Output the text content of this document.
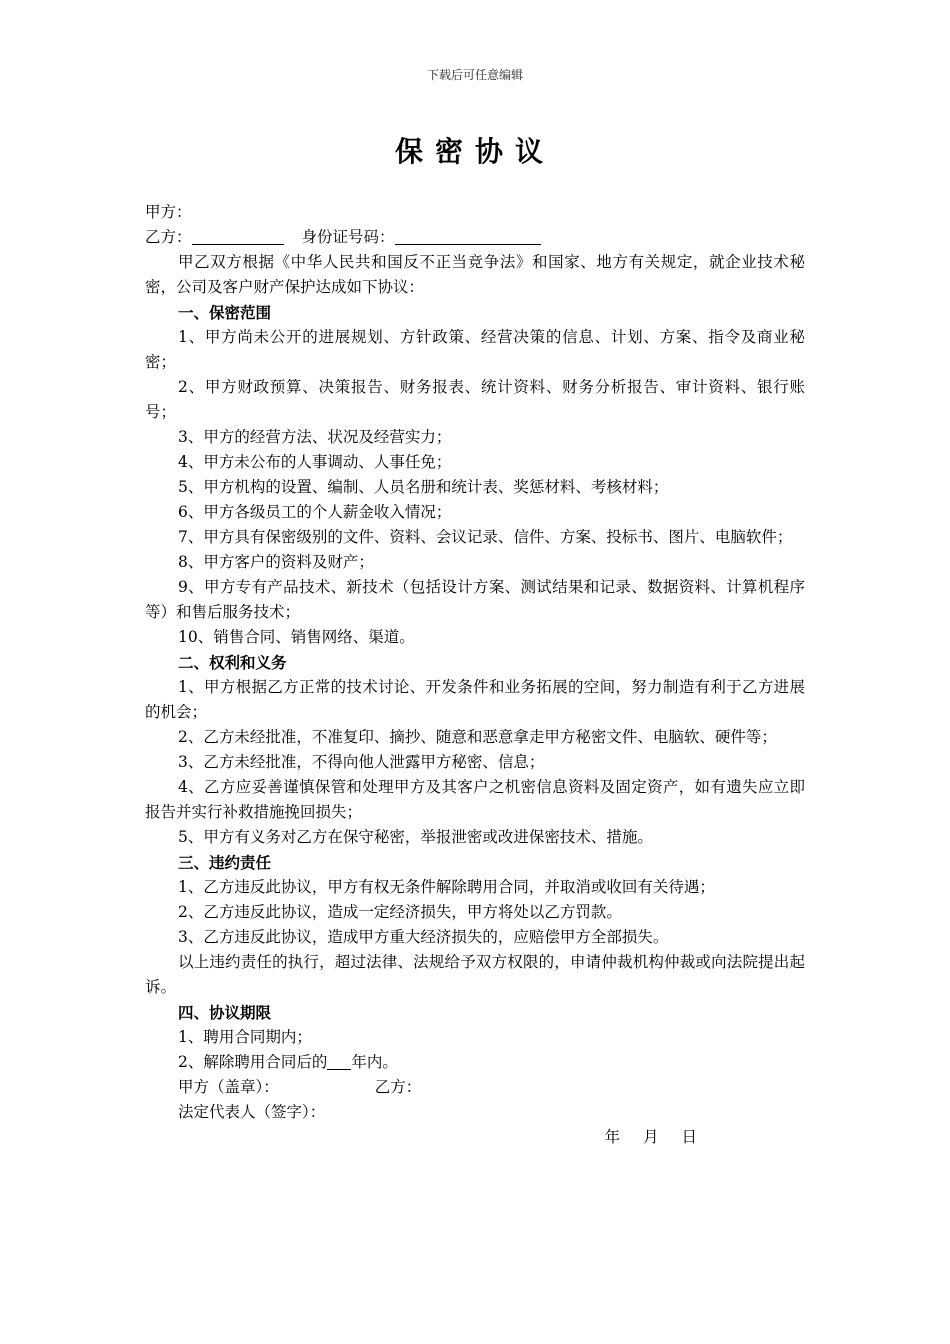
下载后可任意编辑
保密协议
甲方：
乙方：	身份证号码：
甲乙双方根据《中华人民共和国反不正当竞争法》和国家、地方有关规定，就企业技术秘密，公司及客户财产保护达成如下协议：
一、保密范围
1、甲方尚未公开的进展规划、方针政策、经营决策的信息、计划、方案、指令及商业秘密；
2、甲方财政预算、决策报告、财务报表、统计资料、财务分析报告、审计资料、银行账号；
3、甲方的经营方法、状况及经营实力；
4、甲方未公布的人事调动、人事任免；
5、甲方机构的设置、编制、人员名册和统计表、奖惩材料、考核材料；
6、甲方各级员工的个人薪金收入情况；
7、甲方具有保密级别的文件、资料、会议记录、信件、方案、投标书、图片、电脑软件；
8、甲方客户的资料及财产；
9、甲方专有产品技术、新技术（包括设计方案、测试结果和记录、数据资料、计算机程序等）和售后服务技术；
10、销售合同、销售网络、渠道。
二、权利和义务
1、甲方根据乙方正常的技术讨论、开发条件和业务拓展的空间，努力制造有利于乙方进展的机会；
2、乙方未经批准，不准复印、摘抄、随意和恶意拿走甲方秘密文件、电脑软、硬件等；
3、乙方未经批准，不得向他人泄露甲方秘密、信息；
4、乙方应妥善谨慎保管和处理甲方及其客户之机密信息资料及固定资产，如有遗失应立即报告并实行补救措施挽回损失；
5、甲方有义务对乙方在保守秘密，举报泄密或改进保密技术、措施。
三、违约责任
1、乙方违反此协议，甲方有权无条件解除聘用合同，并取消或收回有关待遇；
2、乙方违反此协议，造成一定经济损失，甲方将处以乙方罚款。
3、乙方违反此协议，造成甲方重大经济损失的，应赔偿甲方全部损失。
以上违约责任的执行，超过法律、法规给予双方权限的，申请仲裁机构仲裁或向法院提出起诉。
四、协议期限
1、聘用合同期内；
2、解除聘用合同后的 年内。
甲方（盖章）：	乙方：
法定代表人（签字）：
年 月 日
